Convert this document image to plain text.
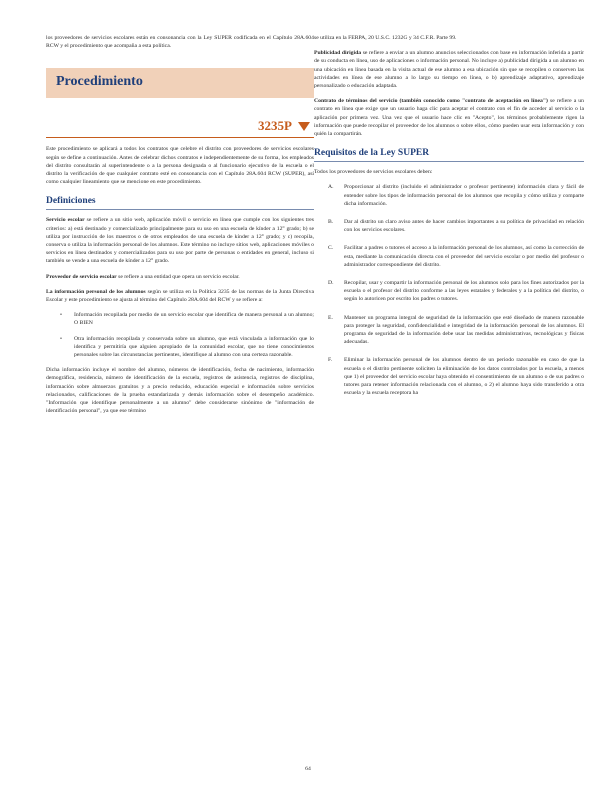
los proveedores de servicios escolares están en consonancia con la Ley SUPER codificada en el Capítulo 28A.604 RCW y el procedimiento que acompaña a esta política.

Procedimiento
3235P

Este procedimiento se aplicará a todos los contratos que celebre el distrito con proveedores de servicios escolares según se define a continuación. Antes de celebrar dichos contratos e independientemente de su forma, los empleados del distrito consultarán al superintendente o a la persona designada o al funcionario ejecutivo de la escuela o el distrito la verificación de que cualquier contrato esté en consonancia con el Capítulo 28A.604 RCW (SUPER), así como cualquier lineamiento que se mencione en este procedimiento.

Definiciones

Servicio escolar se refiere a un sitio web, aplicación móvil o servicio en línea que cumple con los siguientes tres criterios: a) está destinado y comercializado principalmente para su uso en una escuela de kínder a 12° grado; b) se utiliza por instrucción de los maestros o de otros empleados de una escuela de kínder a 12° grado; y c) recopila, conserva o utiliza la información personal de los alumnos. Este término no incluye sitios web, aplicaciones móviles o servicios en línea destinados y comercializados para su uso por parte de personas o entidades en general, incluso si también se vende a una escuela de kínder a 12° grado.

Proveedor de servicio escolar se refiere a una entidad que opera un servicio escolar.

La información personal de los alumnos según se utiliza en la Política 3235 de las normas de la Junta Directiva Escolar y este procedimiento se ajusta al término del Capítulo 28A.604 del RCW y se refiere a:

•	Información recopilada por medio de un servicio escolar que identifica de manera personal a un alumno; O BIEN

•	Otra información recopilada y conservada sobre un alumno, que está vinculada a información que lo identifica y permitiría que alguien apropiado de la comunidad escolar, que no tiene conocimientos personales sobre las circunstancias pertinentes, identifique al alumno con una certeza razonable.

Dicha información incluye el nombre del alumno, números de identificación, fecha de nacimiento, información demográfica, residencia, número de identificación de la escuela, registros de asistencia, registros de disciplina, información sobre almuerzos gratuitos y a precio reducido, educación especial e información sobre servicios relacionados, calificaciones de la prueba estandarizada y demás información sobre el desempeño académico. "Información que identifique personalmente a un alumno" debe considerarse sinónimo de "información de identificación personal", ya que ese término

se utiliza en la FERPA, 20 U.S.C. 1232G y 34 C.F.R. Parte 99.

Publicidad dirigida se refiere a enviar a un alumno anuncios seleccionados con base en información inferida a partir de su conducta en línea, uso de aplicaciones o información personal. No incluye a) publicidad dirigida a un alumno en una ubicación en línea basada en la visita actual de ese alumno a esa ubicación sin que se recopilen o conserven las actividades en línea de ese alumno a lo largo su tiempo en línea, o b) aprendizaje adaptativo, aprendizaje personalizado o educación adaptada.

Contrato de términos del servicio (también conocido como "contrato de aceptación en línea") se refiere a un contrato en línea que exige que un usuario haga clic para aceptar el contrato con el fin de acceder al servicio o la aplicación por primera vez. Una vez que el usuario hace clic en "Acepto", los términos probablemente rigen la información que puede recopilar el proveedor de los alumnos o sobre ellos, cómo pueden usar esta información y con quién la compartirán.

Requisitos de la Ley SUPER

Todos los proveedores de servicios escolares deben:

A.	Proporcionar al distrito (incluido el administrador o profesor pertinente) información clara y fácil de entender sobre los tipos de información personal de los alumnos que recopila y cómo utiliza y comparte dicha información.

B.	Dar al distrito un claro aviso antes de hacer cambios importantes a su política de privacidad en relación con los servicios escolares.

C.	Facilitar a padres o tutores el acceso a la información personal de los alumnos, así como la corrección de esta, mediante la comunicación directa con el proveedor del servicio escolar o por medio del profesor o administrador correspondiente del distrito.

D.	Recopilar, usar y compartir la información personal de los alumnos solo para los fines autorizados por la escuela o el profesor del distrito conforme a las leyes estatales y federales y a la política del distrito, o según lo autoricen por escrito los padres o tutores.

E.	Mantener un programa integral de seguridad de la información que esté diseñado de manera razonable para proteger la seguridad, confidencialidad e integridad de la información personal de los alumnos. El programa de seguridad de la información debe usar las medidas administrativas, tecnológicas y físicas adecuadas.

F.	Eliminar la información personal de los alumnos dentro de un periodo razonable en caso de que la escuela o el distrito pertinente soliciten la eliminación de los datos controlados por la escuela, a menos que 1) el proveedor del servicio escolar haya obtenido el consentimiento de un alumno o de sus padres o tutores para retener información relacionada con el alumno, o 2) el alumno haya sido transferido a otra escuela y la escuela receptora ha

64
